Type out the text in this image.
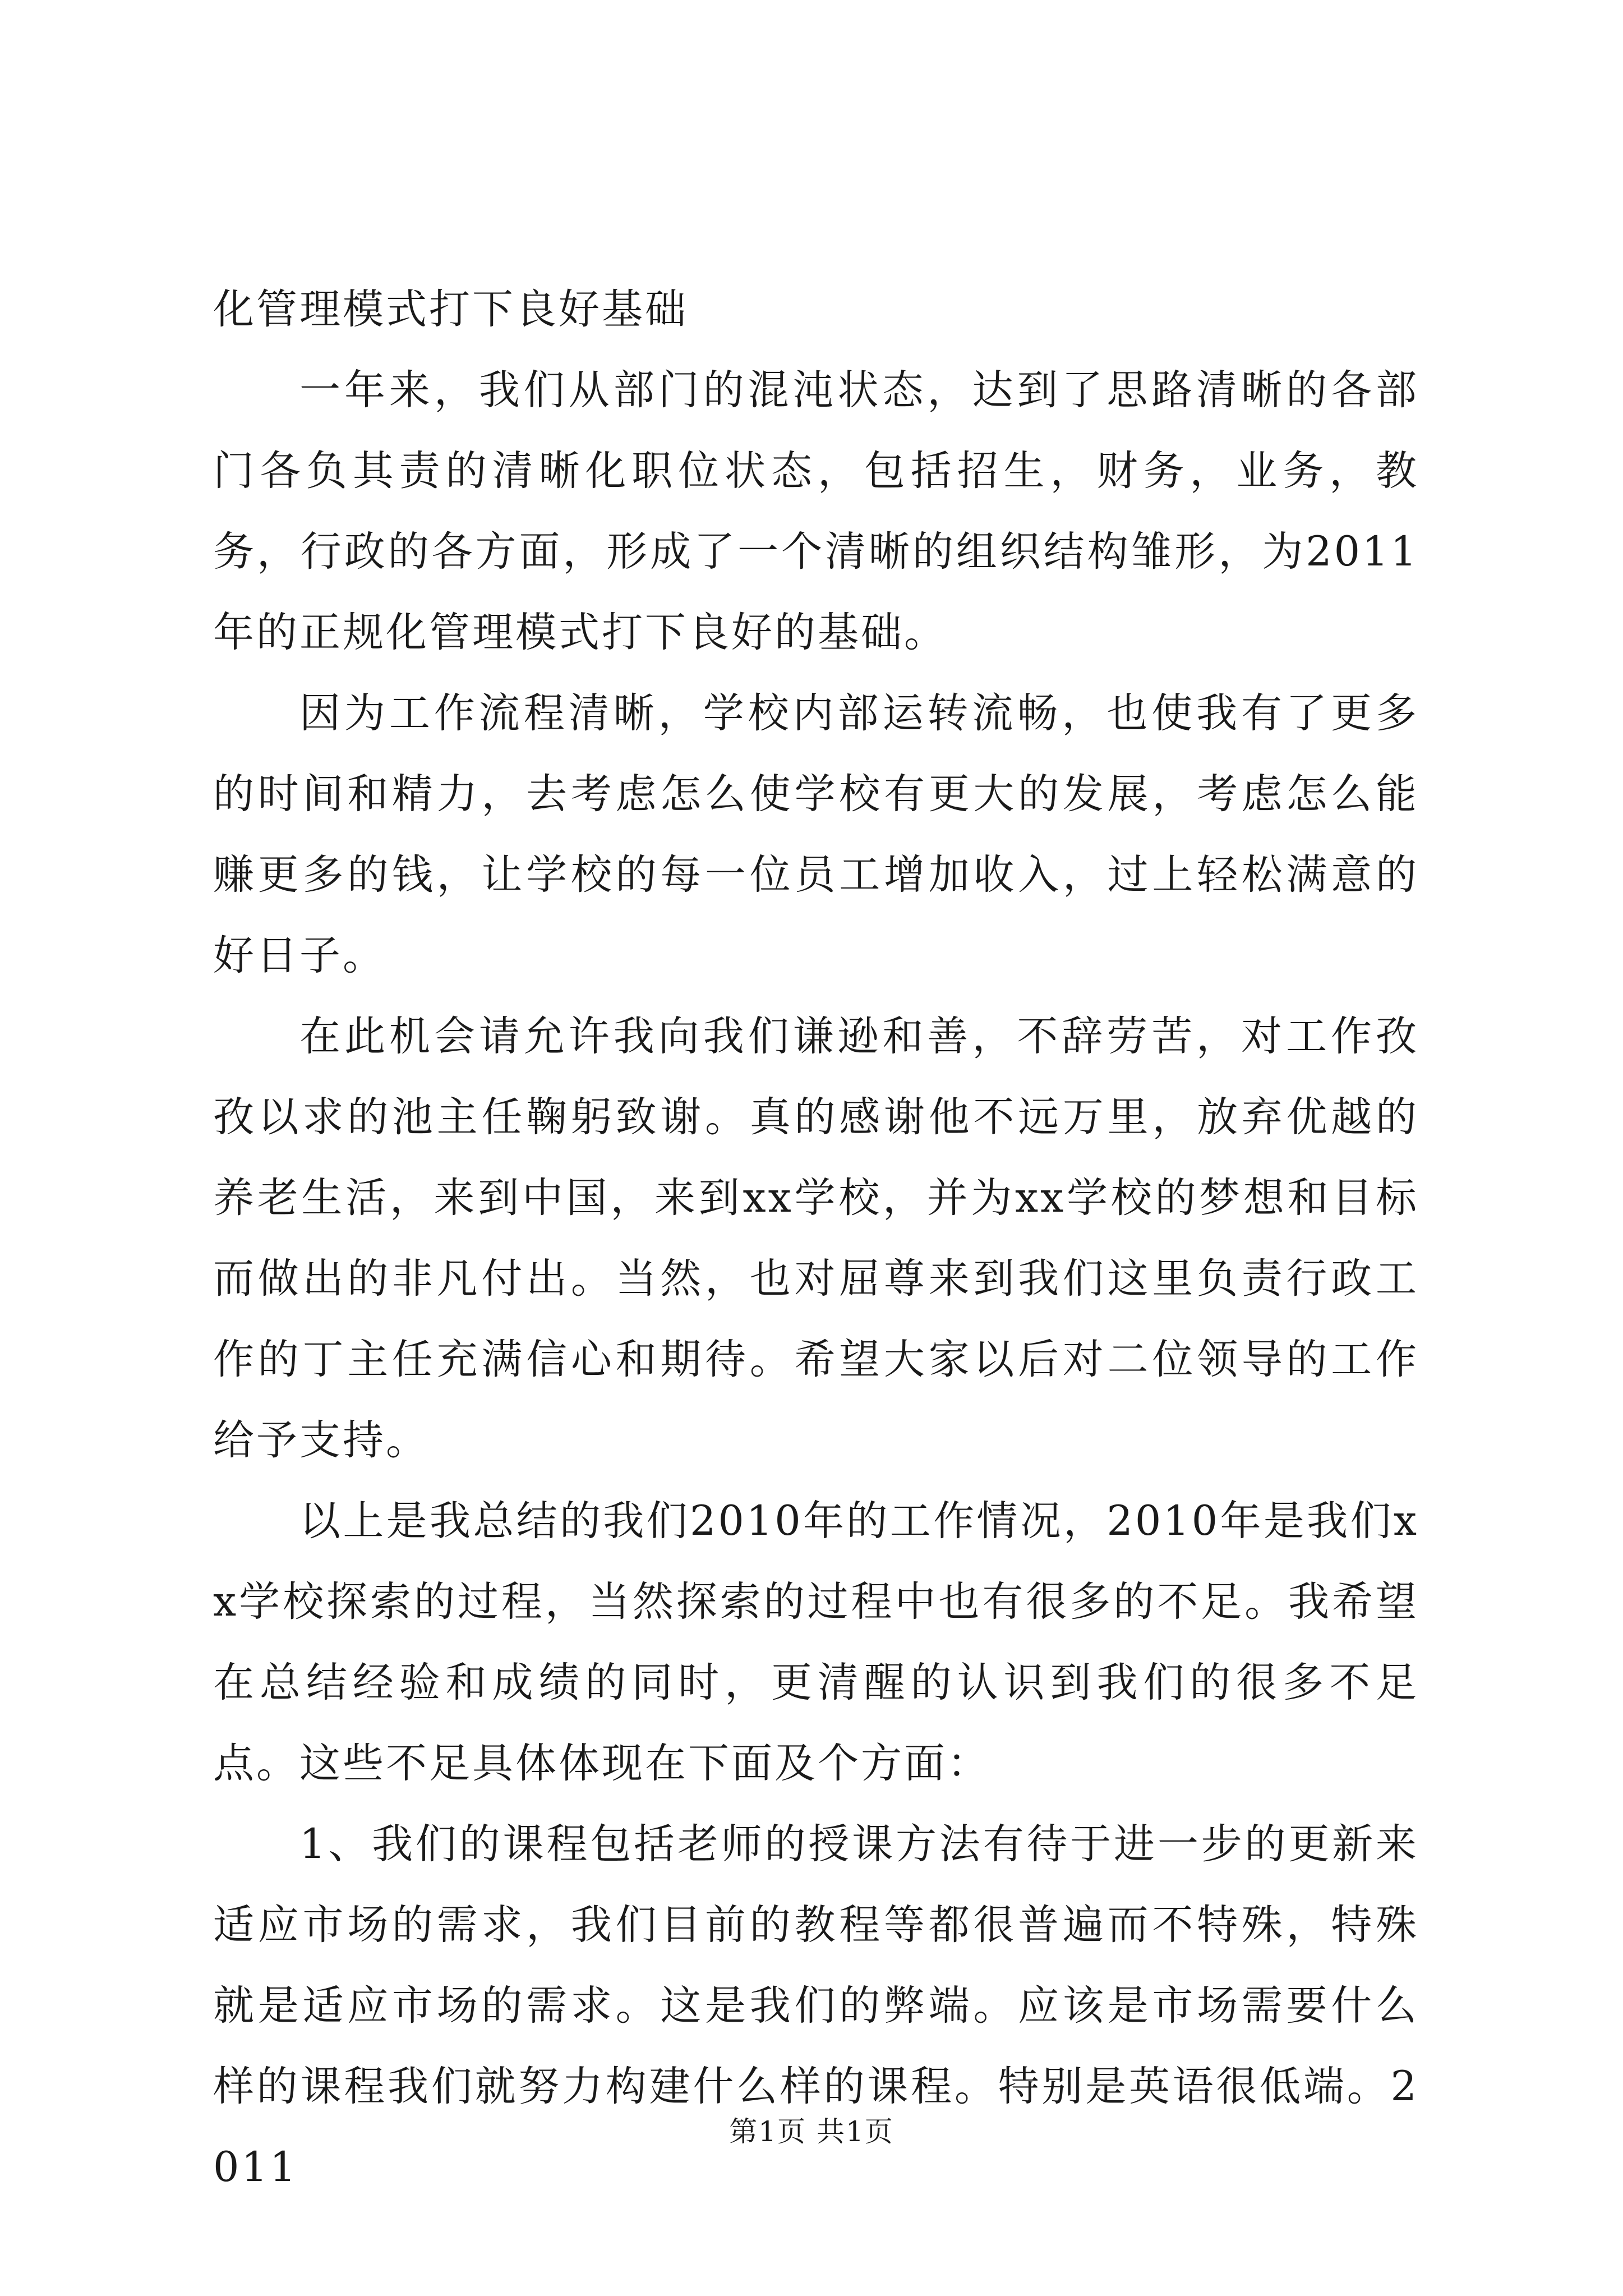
化管理模式打下良好基础

一年来，我们从部门的混沌状态，达到了思路清晰的各部门各负其责的清晰化职位状态，包括招生，财务，业务，教务，行政的各方面，形成了一个清晰的组织结构雏形，为2011年的正规化管理模式打下良好的基础。

因为工作流程清晰，学校内部运转流畅，也使我有了更多的时间和精力，去考虑怎么使学校有更大的发展，考虑怎么能赚更多的钱，让学校的每一位员工增加收入，过上轻松满意的好日子。

在此机会请允许我向我们谦逊和善，不辞劳苦，对工作孜孜以求的池主任鞠躬致谢。真的感谢他不远万里，放弃优越的养老生活，来到中国，来到xx学校，并为xx学校的梦想和目标而做出的非凡付出。当然，也对屈尊来到我们这里负责行政工作的丁主任充满信心和期待。希望大家以后对二位领导的工作给予支持。

以上是我总结的我们2010年的工作情况，2010年是我们xx学校探索的过程，当然探索的过程中也有很多的不足。我希望在总结经验和成绩的同时，更清醒的认识到我们的很多不足点。这些不足具体体现在下面及个方面：

1、我们的课程包括老师的授课方法有待于进一步的更新来适应市场的需求，我们目前的教程等都很普遍而不特殊，特殊就是适应市场的需求。这是我们的弊端。应该是市场需要什么样的课程我们就努力构建什么样的课程。特别是英语很低端。2011

第1页 共1页
